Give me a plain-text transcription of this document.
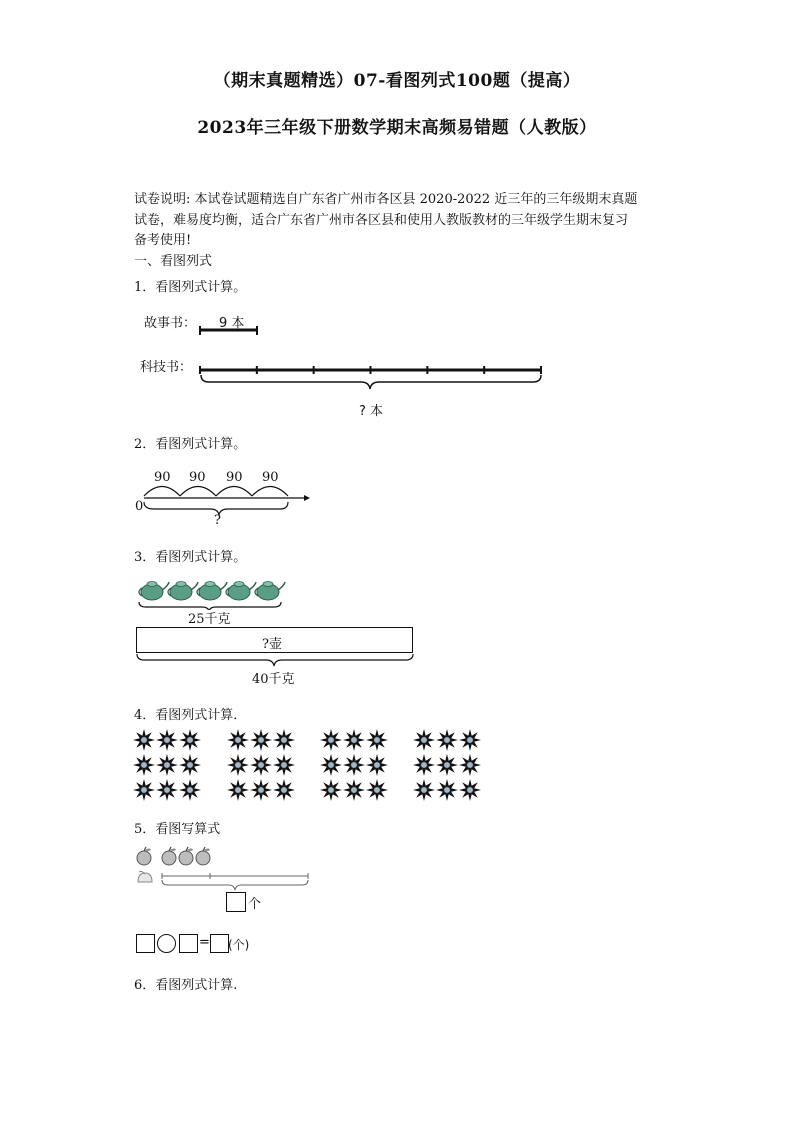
（期末真题精选）07-看图列式100题（提高）
2023年三年级下册数学期末高频易错题（人教版）
试卷说明: 本试卷试题精选自广东省广州市各区县 2020-2022 近三年的三年级期末真题
试卷，难易度均衡，适合广东省广州市各区县和使用人教版教材的三年级学生期末复习
备考使用!
一、看图列式
1．看图列式计算。
故事书： 9 本
科技书：
? 本
2．看图列式计算。
90 90 90 90
0
?
3．看图列式计算。
25千克
?壶
40千克
4．看图列式计算．
5．看图写算式
个
= (个)
6．看图列式计算.
